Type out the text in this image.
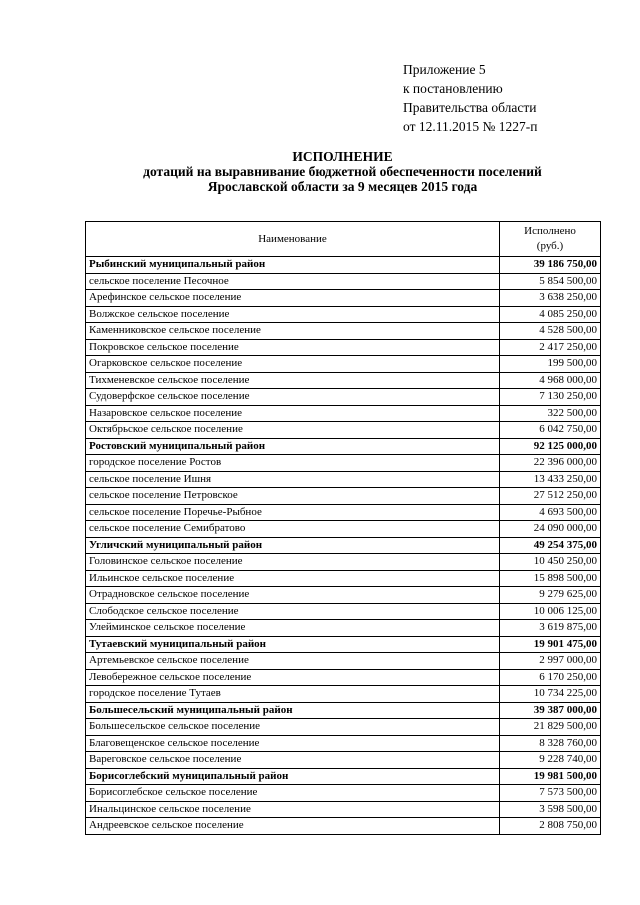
Приложение 5
к постановлению
Правительства области
от 12.11.2015 № 1227-п
ИСПОЛНЕНИЕ
дотаций на выравнивание бюджетной обеспеченности поселений
Ярославской области за 9 месяцев 2015 года
Наименование	Исполнено
(руб.)

Рыбинский муниципальный район	39 186 750,00
сельское поселение Песочное	5 854 500,00
Арефинское сельское поселение	3 638 250,00
Волжское сельское поселение	4 085 250,00
Каменниковское сельское поселение	4 528 500,00
Покровское сельское поселение	2 417 250,00
Огарковское сельское поселение	199 500,00
Тихменевское сельское поселение	4 968 000,00
Судоверфское сельское поселение	7 130 250,00
Назаровское сельское поселение	322 500,00
Октябрьское сельское поселение	6 042 750,00
Ростовский муниципальный район	92 125 000,00
городское поселение Ростов	22 396 000,00
сельское поселение Ишня	13 433 250,00
сельское поселение Петровское	27 512 250,00
сельское поселение Поречье-Рыбное	4 693 500,00
сельское поселение Семибратово	24 090 000,00
Угличский муниципальный район	49 254 375,00
Головинское сельское поселение	10 450 250,00
Ильинское сельское поселение	15 898 500,00
Отрадновское сельское поселение	9 279 625,00
Слободское сельское поселение	10 006 125,00
Улейминское сельское поселение	3 619 875,00
Тутаевский муниципальный район	19 901 475,00
Артемьевское сельское поселение	2 997 000,00
Левобережное сельское поселение	6 170 250,00
городское поселение Тутаев	10 734 225,00
Большесельский муниципальный район	39 387 000,00
Большесельское сельское поселение	21 829 500,00
Благовещенское сельское поселение	8 328 760,00
Вареговское сельское поселение	9 228 740,00
Борисоглебский муниципальный район	19 981 500,00
Борисоглебское сельское поселение	7 573 500,00
Инальцинское сельское поселение	3 598 500,00
Андреевское сельское поселение	2 808 750,00
